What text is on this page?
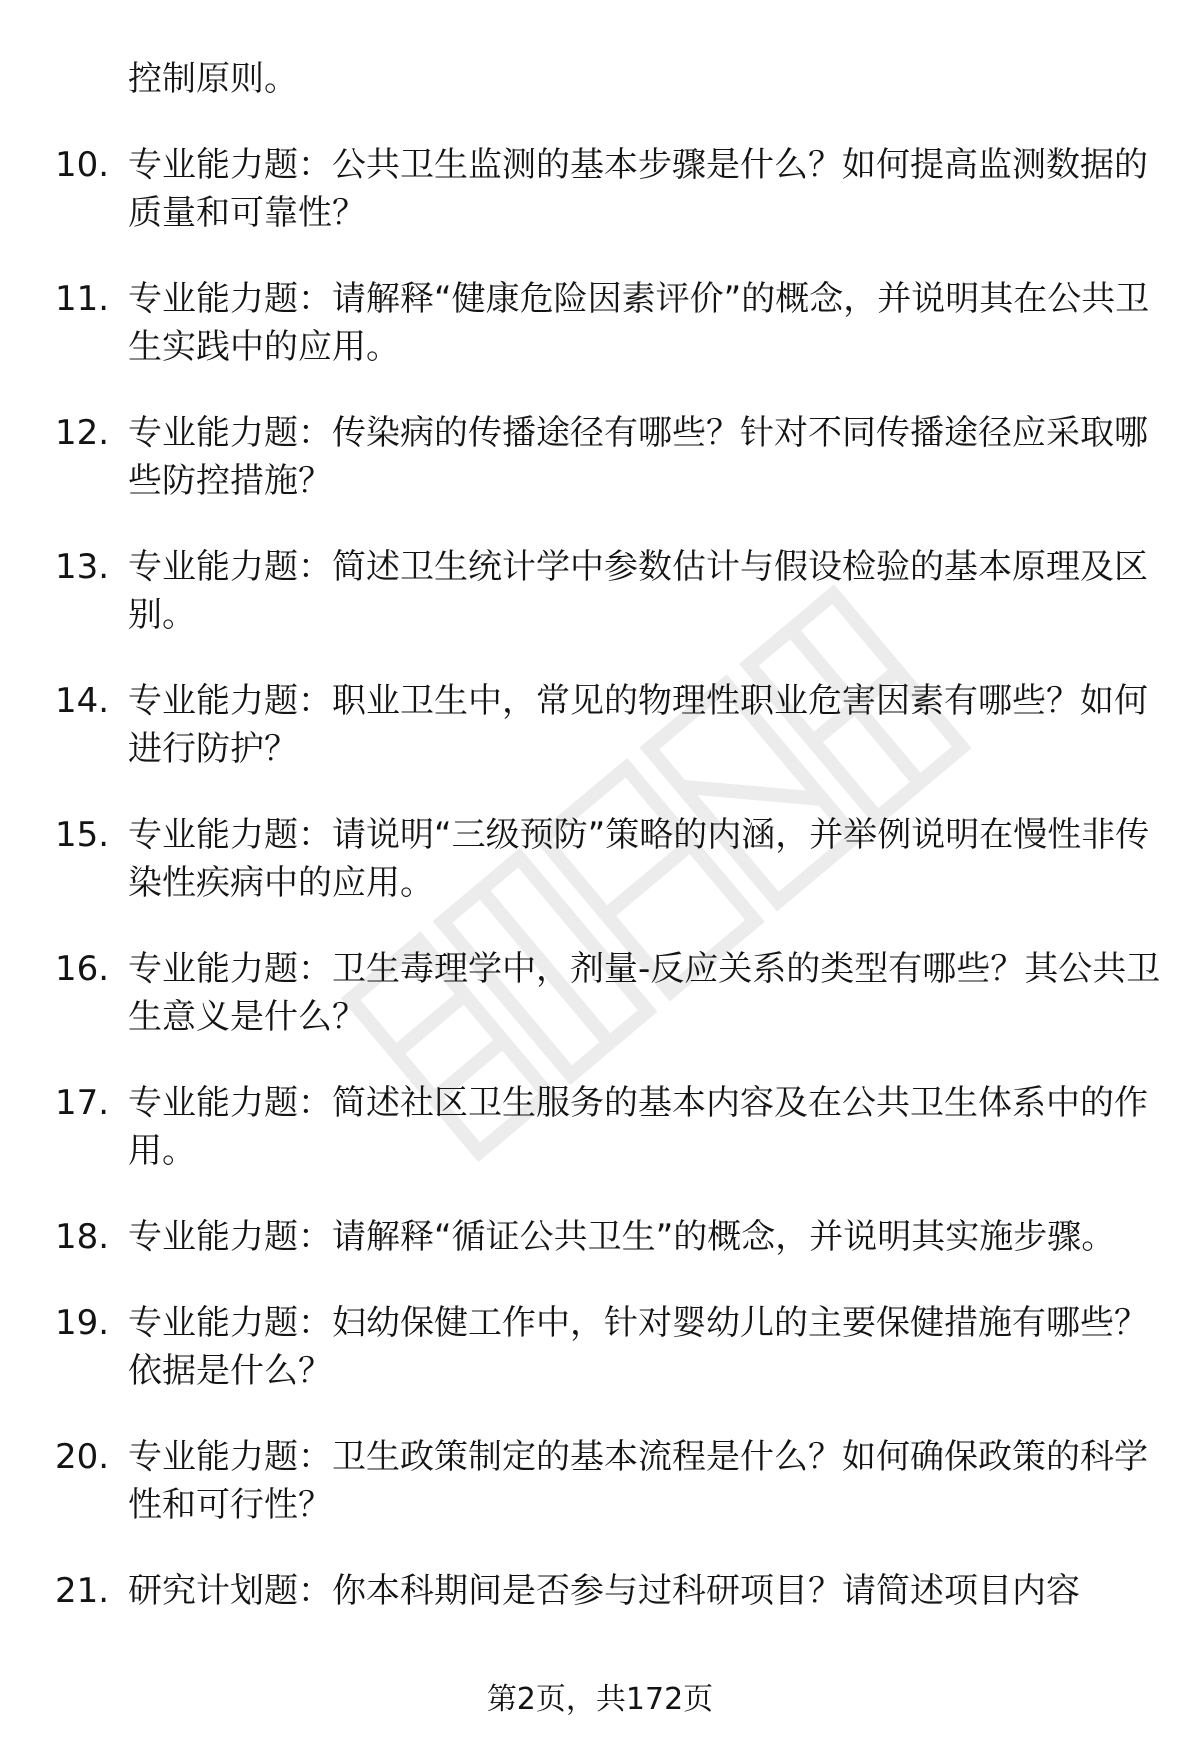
控制原则。

10. 专业能力题：公共卫生监测的基本步骤是什么？如何提高监测数据的质量和可靠性？
11. 专业能力题：请解释“健康危险因素评价”的概念，并说明其在公共卫生实践中的应用。
12. 专业能力题：传染病的传播途径有哪些？针对不同传播途径应采取哪些防控措施？
13. 专业能力题：简述卫生统计学中参数估计与假设检验的基本原理及区别。
14. 专业能力题：职业卫生中，常见的物理性职业危害因素有哪些？如何进行防护？
15. 专业能力题：请说明“三级预防”策略的内涵，并举例说明在慢性非传染性疾病中的应用。
16. 专业能力题：卫生毒理学中，剂量-反应关系的类型有哪些？其公共卫生意义是什么？
17. 专业能力题：简述社区卫生服务的基本内容及在公共卫生体系中的作用。
18. 专业能力题：请解释“循证公共卫生”的概念，并说明其实施步骤。
19. 专业能力题：妇幼保健工作中，针对婴幼儿的主要保健措施有哪些？依据是什么？
20. 专业能力题：卫生政策制定的基本流程是什么？如何确保政策的科学性和可行性？
21. 研究计划题：你本科期间是否参与过科研项目？请简述项目内容
第2页，共172页
